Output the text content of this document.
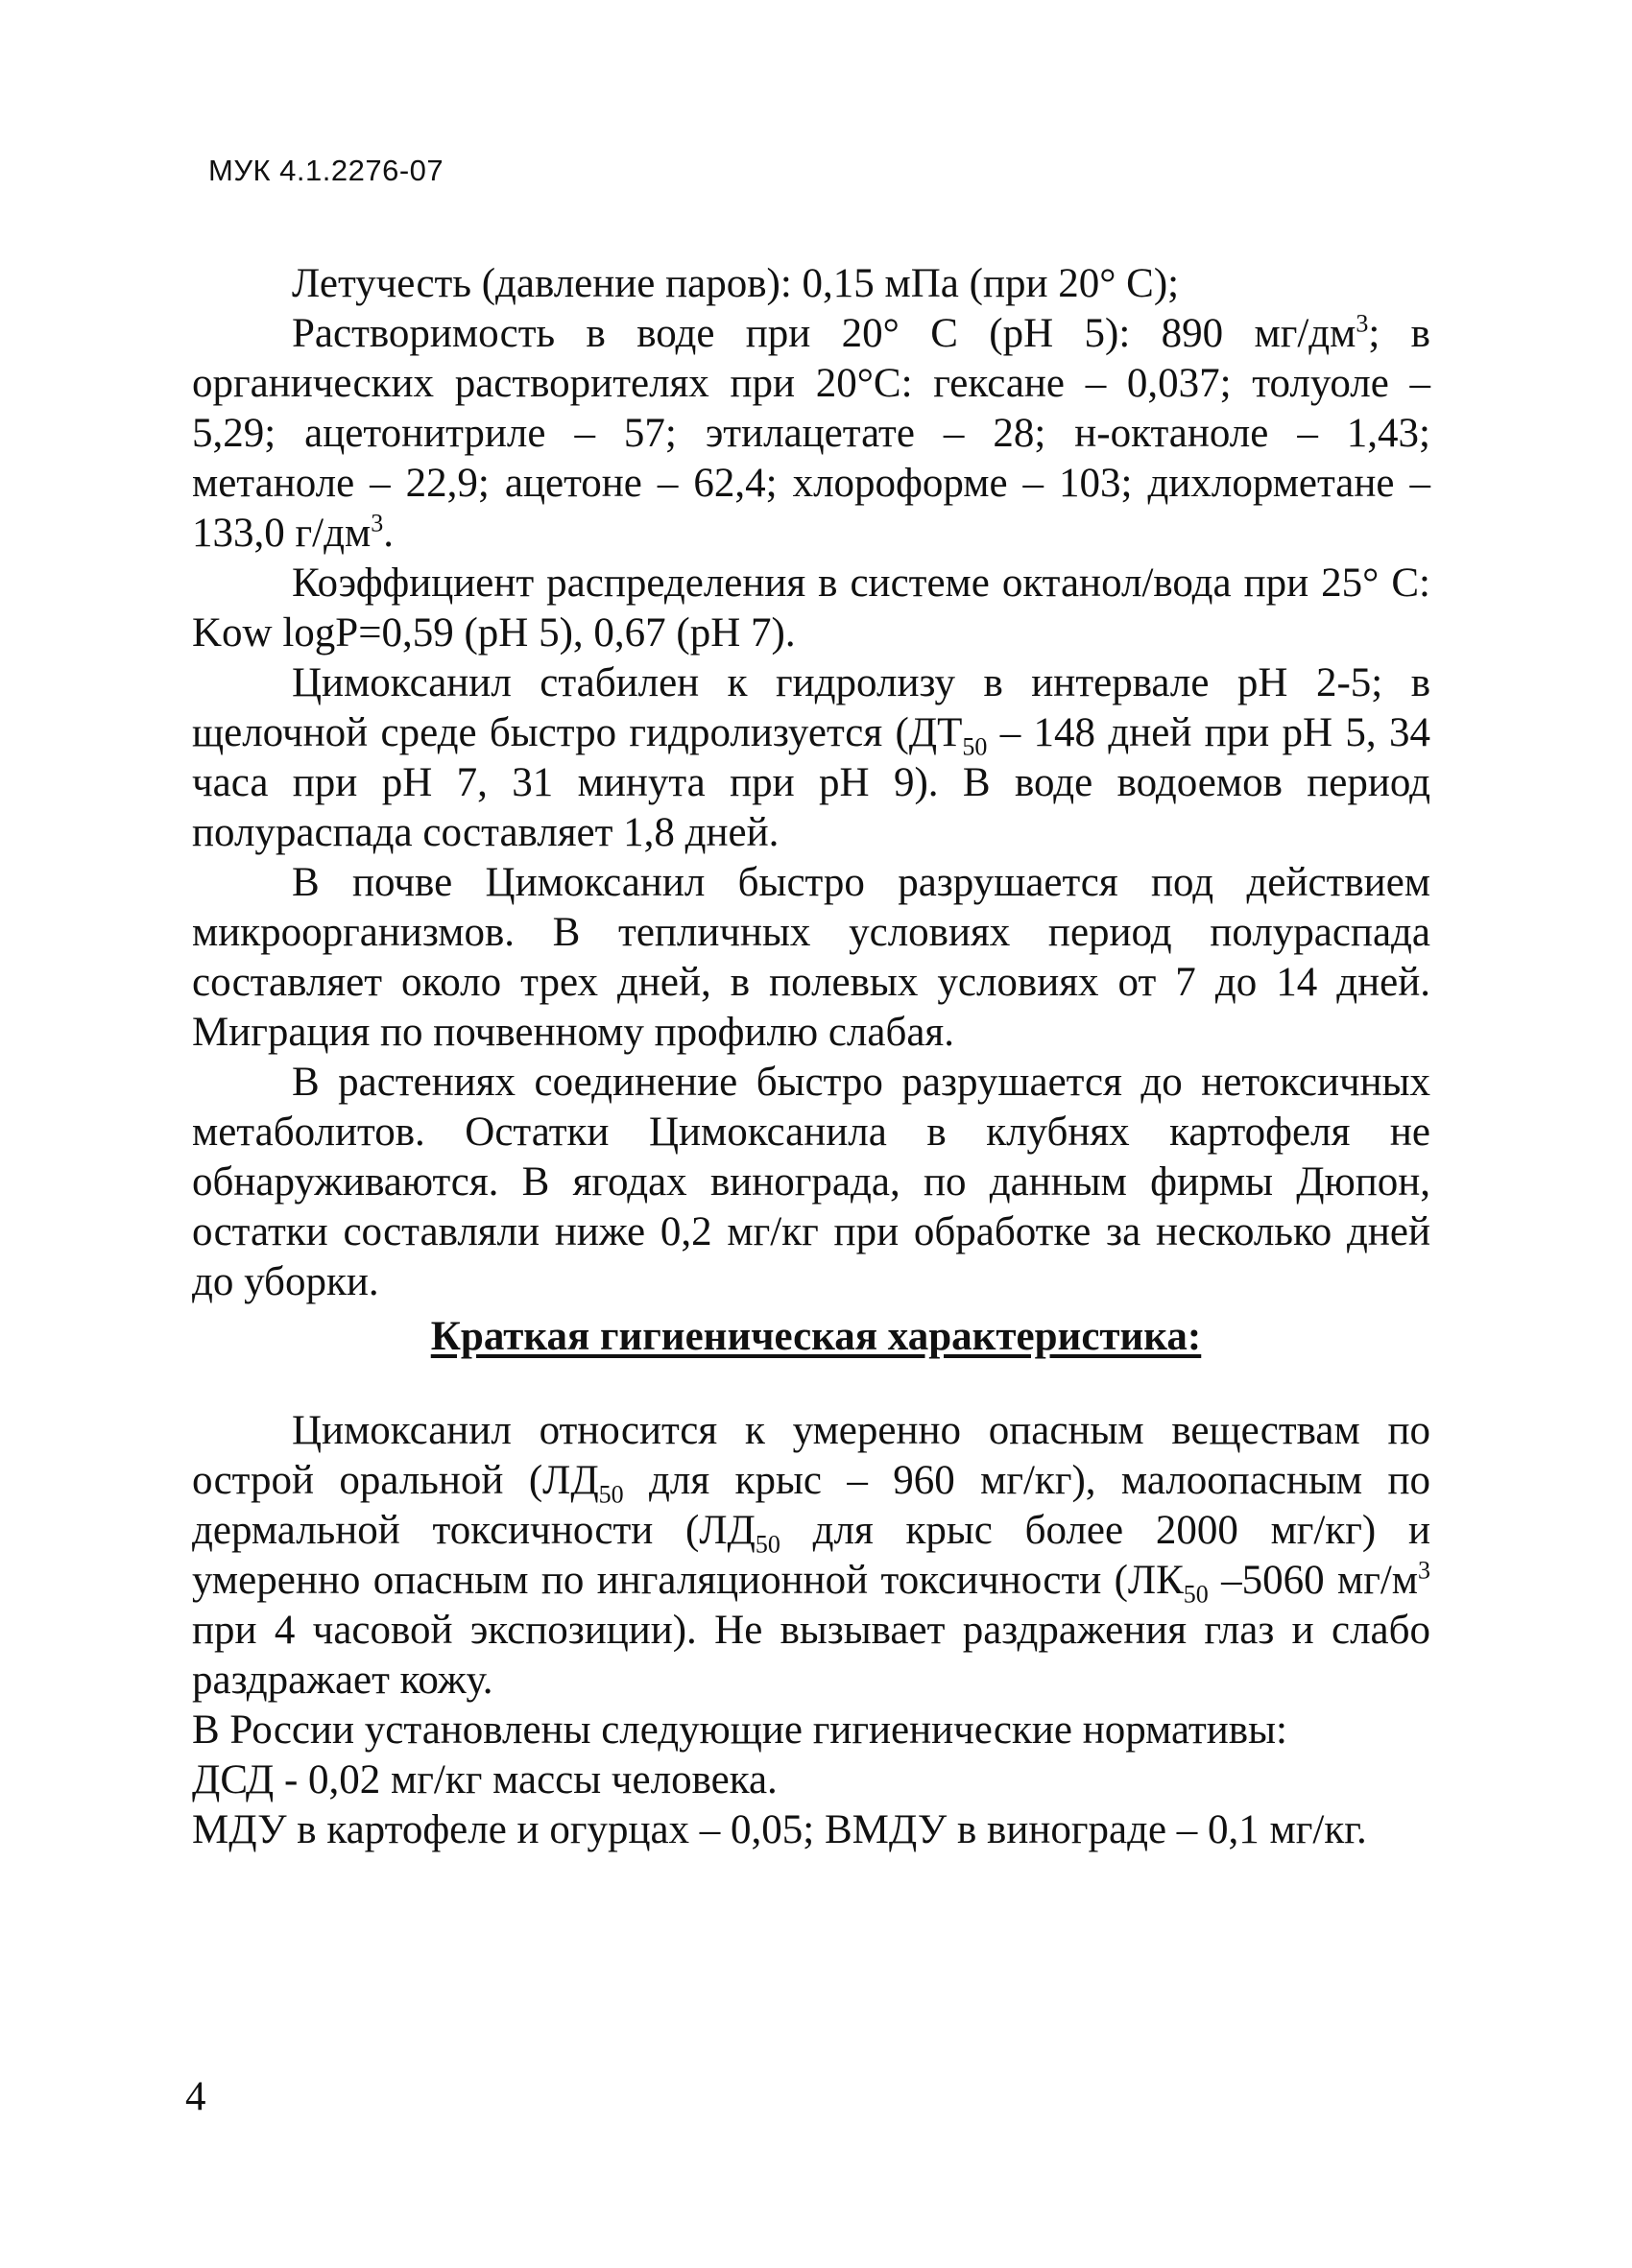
МУК 4.1.2276-07

Летучесть (давление паров): 0,15 мПа (при 20° С);

Растворимость в воде при 20° С (рН 5): 890 $мг/дм^3$; в органических растворителях при 20°С: гексане – 0,037; толуоле – 5,29; ацетонитриле – 57; этилацетате – 28; н-октаноле – 1,43; метаноле – 22,9; ацетоне – 62,4; хлороформе – 103; дихлорметане – 133,0 $г/дм^3$.

Коэффициент распределения в системе октанол/вода при 25° С: Kow logP=0,59 (рН 5), 0,67 (рН 7).

Цимоксанил стабилен к гидролизу в интервале рН 2-5; в щелочной среде быстро гидролизуется ($ДТ_{50} - 148$ дней при рН 5, 34 часа при рН 7, 31 минута при рН 9). В воде водоемов период полураспада составляет 1,8 дней.

В почве Цимоксанил быстро разрушается под действием микроорганизмов. В тепличных условиях период полураспада составляет около трех дней, в полевых условиях от 7 до 14 дней. Миграция по почвенному профилю слабая.

В растениях соединение быстро разрушается до нетоксичных метаболитов. Остатки Цимоксанила в клубнях картофеля не обнаруживаются. В ягодах винограда, по данным фирмы Дюпон, остатки составляли ниже 0,2 мг/кг при обработке за несколько дней до уборки.

Краткая гигиеническая характеристика:

Цимоксанил относится к умеренно опасным веществам по острой оральной ($ЛД_{50}$ для крыс – 960 мг/кг), малоопасным по дермальной токсичности ($ЛД_{50}$ для крыс более 2000 мг/кг) и умеренно опасным по ингаляционной токсичности ($ЛК_{50}$ –5060 $мг/м^3$ при 4 часовой экспозиции). Не вызывает раздражения глаз и слабо раздражает кожу.

В России установлены следующие гигиенические нормативы:

ДСД - 0,02 мг/кг массы человека.

МДУ в картофеле и огурцах – 0,05; ВМДУ в винограде – 0,1 мг/кг.

4
